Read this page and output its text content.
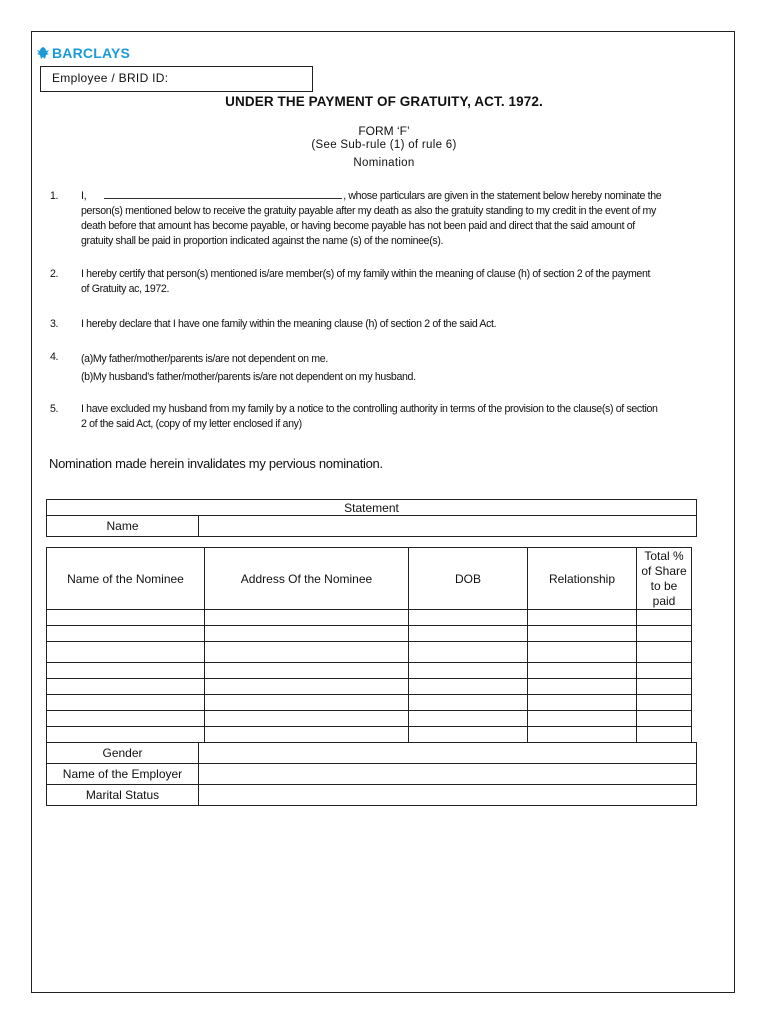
BARCLAYS
Employee / BRID ID:
UNDER THE PAYMENT OF GRATUITY, ACT. 1972.
FORM ‘F’
(See Sub-rule (1) of rule 6)
Nomination
1. I,	, whose particulars are given in the statement below hereby nominate the
person(s) mentioned below to receive the gratuity payable after my death as also the gratuity standing to my credit in the event of my
death before that amount has become payable, or having become payable has not been paid and direct that the said amount of
gratuity shall be paid in proportion indicated against the name (s) of the nominee(s).
2. I hereby certify that person(s) mentioned is/are member(s) of my family within the meaning of clause (h) of section 2 of the payment
of Gratuity ac, 1972.
3. I hereby declare that I have one family within the meaning clause (h) of section 2 of the said Act.
4. (a)My father/mother/parents is/are not dependent on me.
(b)My husband’s father/mother/parents is/are not dependent on my husband.
5. I have excluded my husband from my family by a notice to the controlling authority in terms of the provision to the clause(s) of section
2 of the said Act, (copy of my letter enclosed if any)
Nomination made herein invalidates my pervious nomination.
Statement
Name	
Name of the Nominee	Address Of the Nominee	DOB	Relationship	Total % of Share to be paid

Gender	
Name of the Employer	
Marital Status	
